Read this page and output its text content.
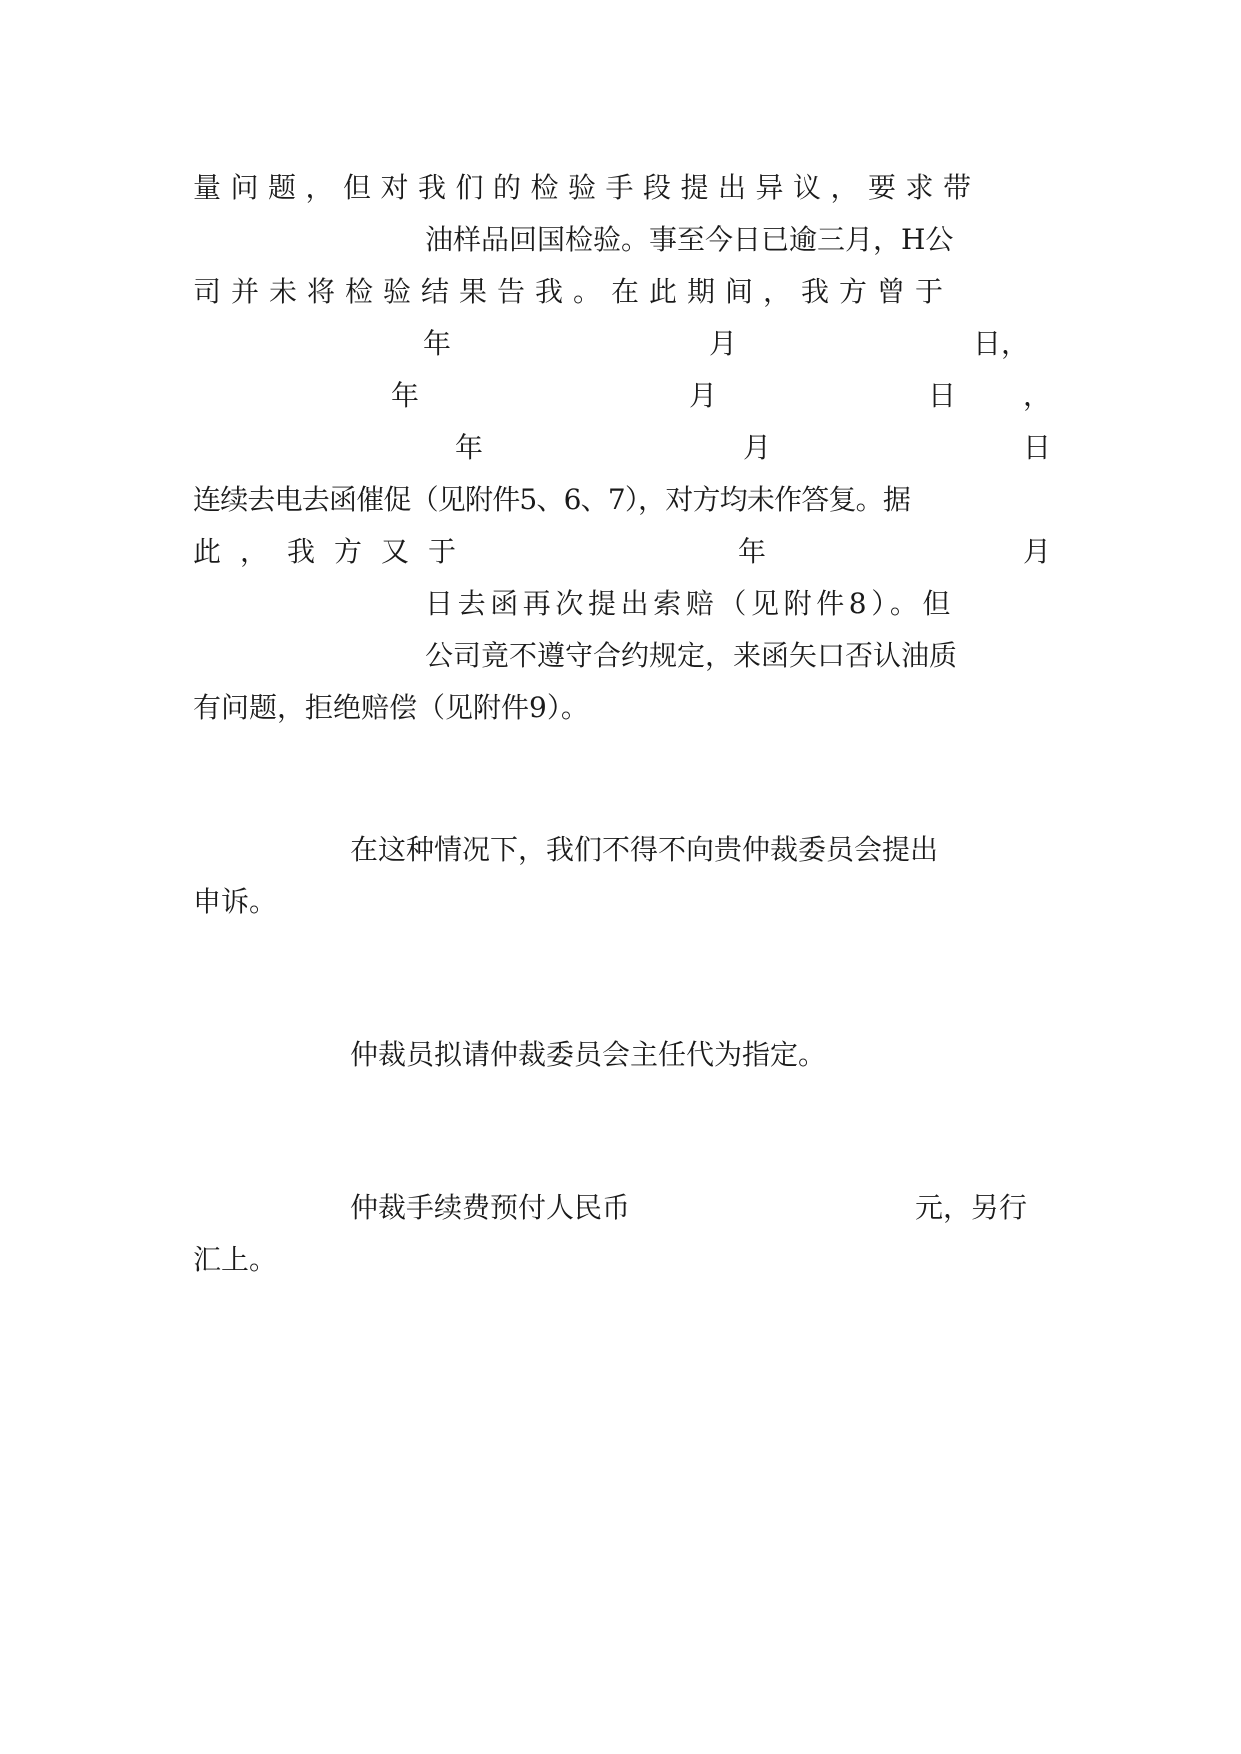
量问题，但对我们的检验手段提出异议，要求带

油样品回国检验。事至今日已逾三月，H公

司并未将检验结果告我。在此期间，我方曾于

年	月	日，
年	月	日 ，
年	月	日

连续去电去函催促（见附件5、6、7），对方均未作答复。据

此，我方又于	年	月

日去函再次提出索赔（见附件8）。但

公司竟不遵守合约规定，来函矢口否认油质

有问题，拒绝赔偿（见附件9）。

在这种情况下，我们不得不向贵仲裁委员会提出

申诉。

仲裁员拟请仲裁委员会主任代为指定。

仲裁手续费预付人民币	元，另行

汇上。
